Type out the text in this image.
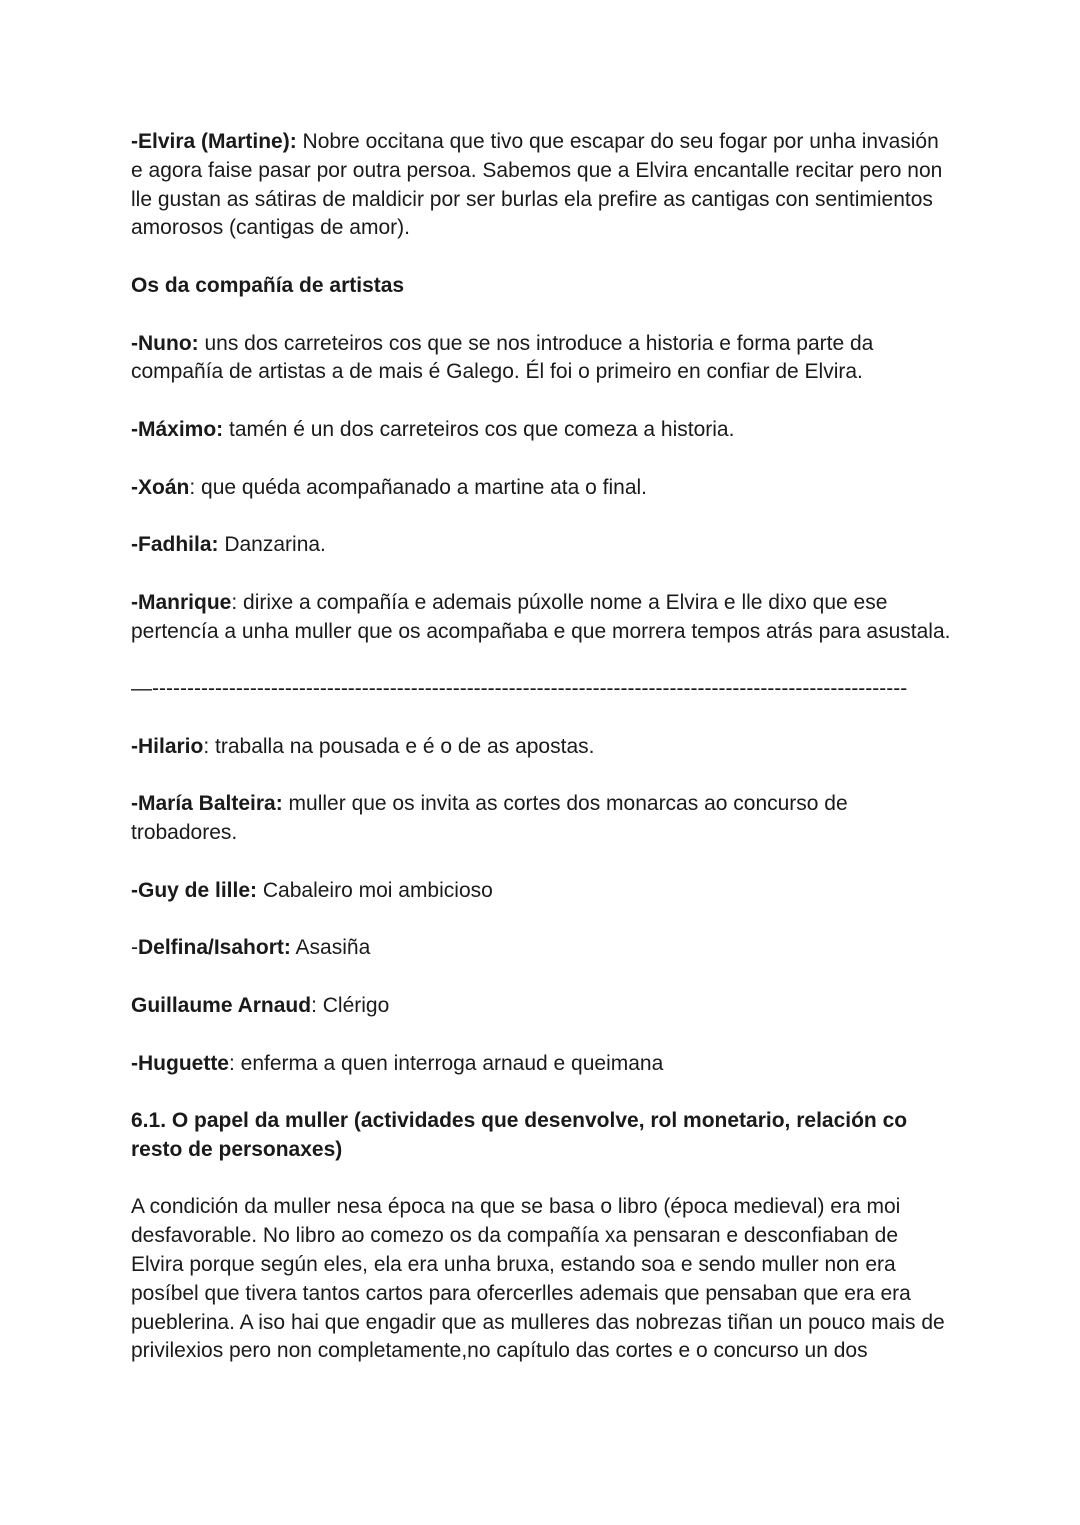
-Elvira (Martine): Nobre occitana que tivo que escapar do seu fogar por unha invasión e agora faise pasar por outra persoa. Sabemos que a Elvira encantalle recitar pero non lle gustan as sátiras de maldicir por ser burlas ela prefire as cantigas con sentimientos amorosos (cantigas de amor).

Os da compañía de artistas

-Nuno: uns dos carreteiros cos que se nos introduce a historia e forma parte da compañía de artistas a de mais é Galego. Él foi o primeiro en confiar de Elvira.

-Máximo: tamén é un dos carreteiros cos que comeza a historia.

-Xoán: que quéda acompañanado a martine ata o final.

-Fadhila: Danzarina.

-Manrique: dirixe a compañía e ademais púxolle nome a Elvira e lle dixo que ese pertencía a unha muller que os acompañaba e que morrera tempos atrás para asustala.

—------------------------------------------------------------------------------------------------------------

-Hilario: traballa na pousada e é o de as apostas.

-María Balteira: muller que os invita as cortes dos monarcas ao concurso de trobadores.

-Guy de lille: Cabaleiro moi ambicioso

-Delfina/Isahort: Asasiña

Guillaume Arnaud: Clérigo

-Huguette: enferma a quen interroga arnaud e queimana

6.1. O papel da muller (actividades que desenvolve, rol monetario, relación co resto de personaxes)

A condición da muller nesa época na que se basa o libro (época medieval) era moi desfavorable. No libro ao comezo os da compañía xa pensaran e desconfiaban de Elvira porque según eles, ela era unha bruxa, estando soa e sendo muller non era posíbel que tivera tantos cartos para ofercerlles ademais que pensaban que era era pueblerina. A iso hai que engadir que as mulleres das nobrezas tiñan un pouco mais de privilexios pero non completamente,no capítulo das cortes e o concurso un dos
